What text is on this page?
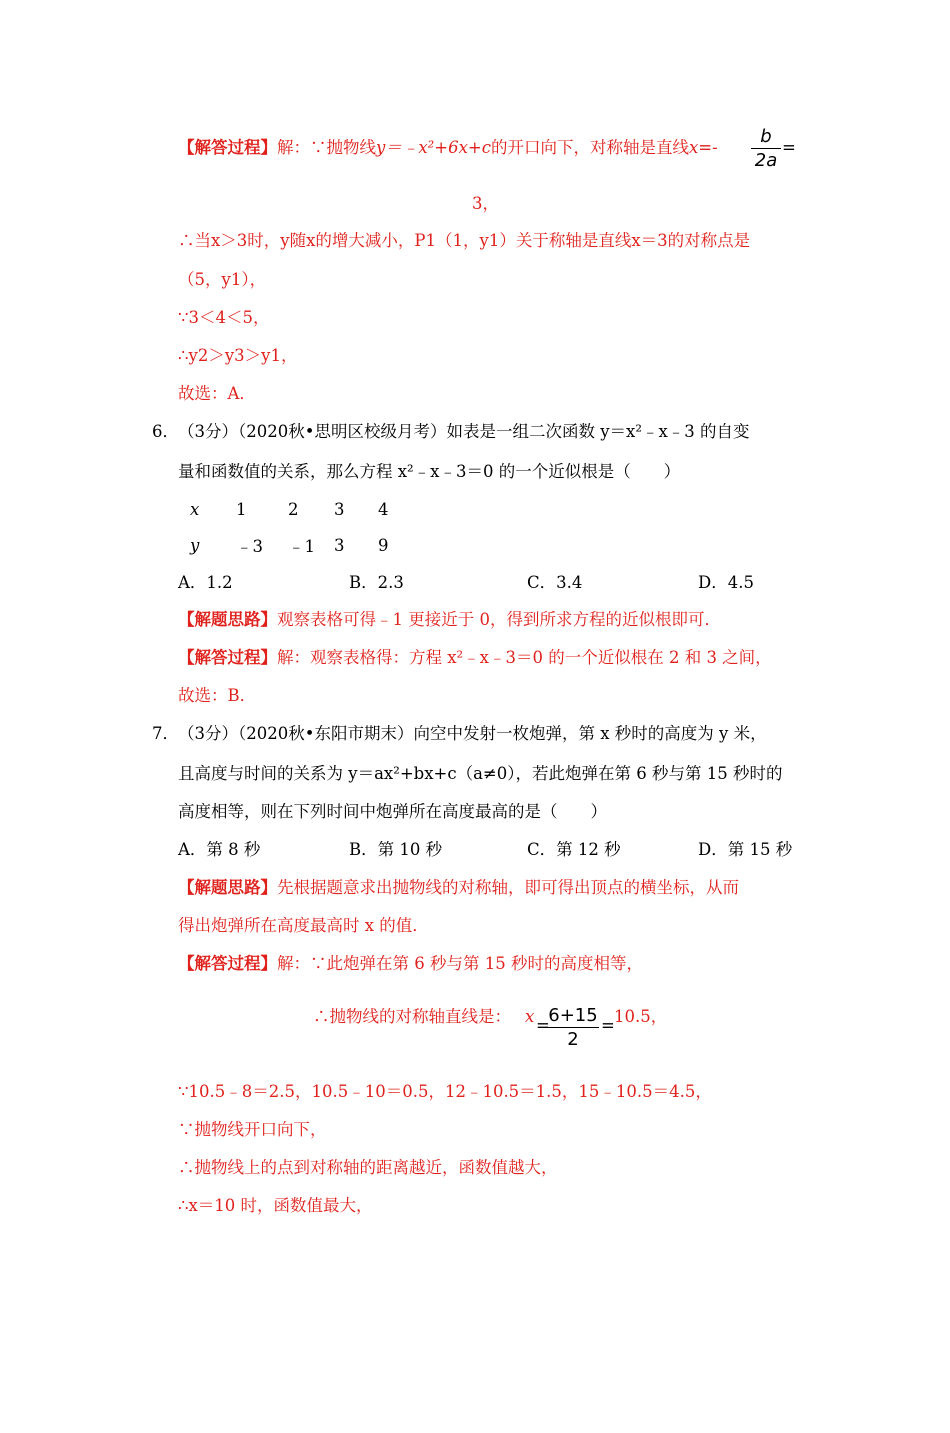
【解答过程】解：∵抛物线y＝﹣x²+6x+c的开口向下，对称轴是直线x=-
b
2a
=
3，
∴当x＞3时，y随x的增大减小，P1（1，y1）关于称轴是直线x＝3的对称点是
（5，y1），
∵3＜4＜5，
∴y2＞y3＞y1，
故选：A．
6． （3分）（2020秋•思明区校级月考）如表是一组二次函数 y＝x²﹣x﹣3 的自变
量和函数值的关系，那么方程 x²﹣x﹣3＝0 的一个近似根是（　　）
x	1	2	3	4
y	﹣3	﹣1	3	9
A．1.2	B．2.3	C．3.4	D．4.5
【解题思路】观察表格可得﹣1 更接近于 0，得到所求方程的近似根即可．
【解答过程】解：观察表格得：方程 x²﹣x﹣3＝0 的一个近似根在 2 和 3 之间，
故选：B．
7． （3分）（2020秋•东阳市期末）向空中发射一枚炮弹，第 x 秒时的高度为 y 米，
且高度与时间的关系为 y＝ax²+bx+c（a≠0），若此炮弹在第 6 秒与第 15 秒时的
高度相等，则在下列时间中炮弹所在高度最高的是（　　）
A．第 8 秒	B．第 10 秒	C．第 12 秒	D．第 15 秒
【解题思路】先根据题意求出抛物线的对称轴，即可得出顶点的横坐标，从而
得出炮弹所在高度最高时 x 的值．
【解答过程】解：∵此炮弹在第 6 秒与第 15 秒时的高度相等，
∴抛物线的对称轴直线是： x =
6+15
2
= 10.5，
∵10.5﹣8＝2.5，10.5﹣10＝0.5，12﹣10.5＝1.5，15﹣10.5＝4.5，
∵抛物线开口向下，
∴抛物线上的点到对称轴的距离越近，函数值越大，
∴x＝10 时，函数值最大，
